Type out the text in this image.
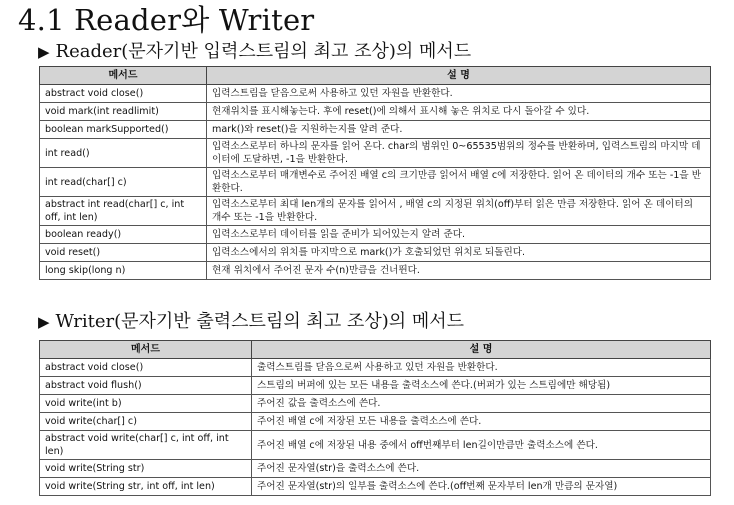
4.1 Reader와 Writer
▶ Reader(문자기반 입력스트림의 최고 조상)의 메서드
메서드	설 명
abstract void close()	입력스트림을 닫음으로써 사용하고 있던 자원을 반환한다.
void mark(int readlimit)	현재위치를 표시해놓는다. 후에 reset()에 의해서 표시해 놓은 위치로 다시 돌아갈 수 있다.
boolean markSupported()	mark()와 reset()을 지원하는지를 알려 준다.
int read()	입력소스로부터 하나의 문자를 읽어 온다. char의 범위인 0~65535범위의 정수를 반환하며, 입력스트림의 마지막 데이터에 도달하면, -1을 반환한다.
int read(char[] c)	입력소스로부터 매개변수로 주어진 배열 c의 크기만큼 읽어서 배열 c에 저장한다. 읽어 온 데이터의 개수 또는 -1을 반환한다.
abstract int read(char[] c, int off, int len)	입력소스로부터 최대 len개의 문자를 읽어서 , 배열 c의 지정된 위치(off)부터 읽은 만큼 저장한다. 읽어 온 데이터의 개수 또는 -1을 반환한다.
boolean ready()	입력소스로부터 데이터를 읽을 준비가 되어있는지 알려 준다.
void reset()	입력소스에서의 위치를 마지막으로 mark()가 호출되었던 위치로 되돌린다.
long skip(long n)	현재 위치에서 주어진 문자 수(n)만큼을 건너뛴다.
▶ Writer(문자기반 출력스트림의 최고 조상)의 메서드
메서드	설 명
abstract void close()	출력스트림를 닫음으로써 사용하고 있던 자원을 반환한다.
abstract void flush()	스트림의 버퍼에 있는 모든 내용을 출력소스에 쓴다.(버퍼가 있는 스트림에만 해당됨)
void write(int b)	주어진 값을 출력소스에 쓴다.
void write(char[] c)	주어진 배열 c에 저장된 모든 내용을 출력소스에 쓴다.
abstract void write(char[] c, int off, int len)	주어진 배열 c에 저장된 내용 중에서 off번째부터 len길이만큼만 출력소스에 쓴다.
void write(String str)	주어진 문자열(str)을 출력소스에 쓴다.
void write(String str, int off, int len)	주어진 문자열(str)의 일부를 출력소스에 쓴다.(off번째 문자부터 len개 만큼의 문자열)
